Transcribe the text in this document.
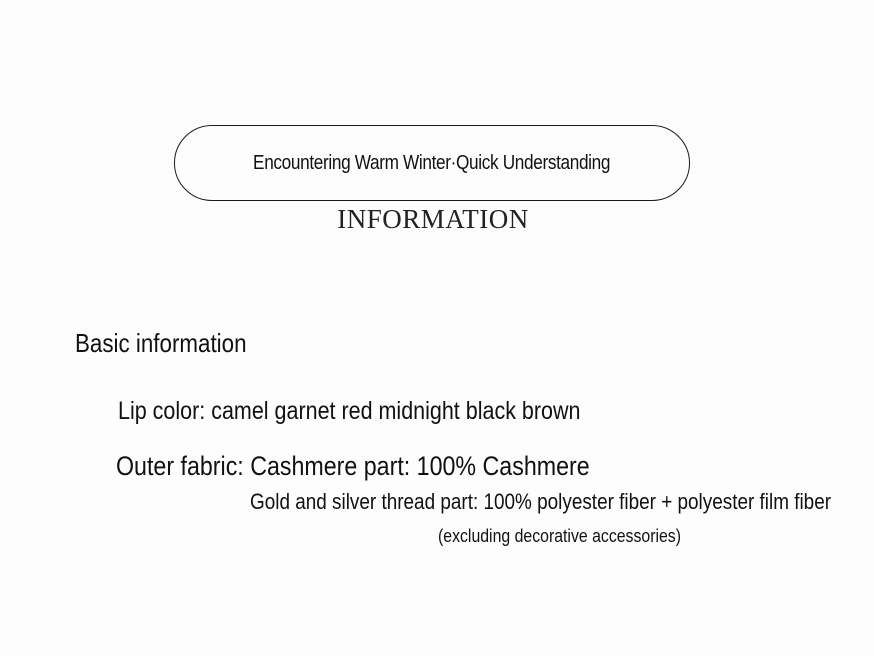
Encountering Warm Winter·Quick Understanding
INFORMATION
Basic information
Lip color: camel garnet red midnight black brown
Outer fabric: Cashmere part: 100% Cashmere
Gold and silver thread part: 100% polyester fiber + polyester film fiber
(excluding decorative accessories)
